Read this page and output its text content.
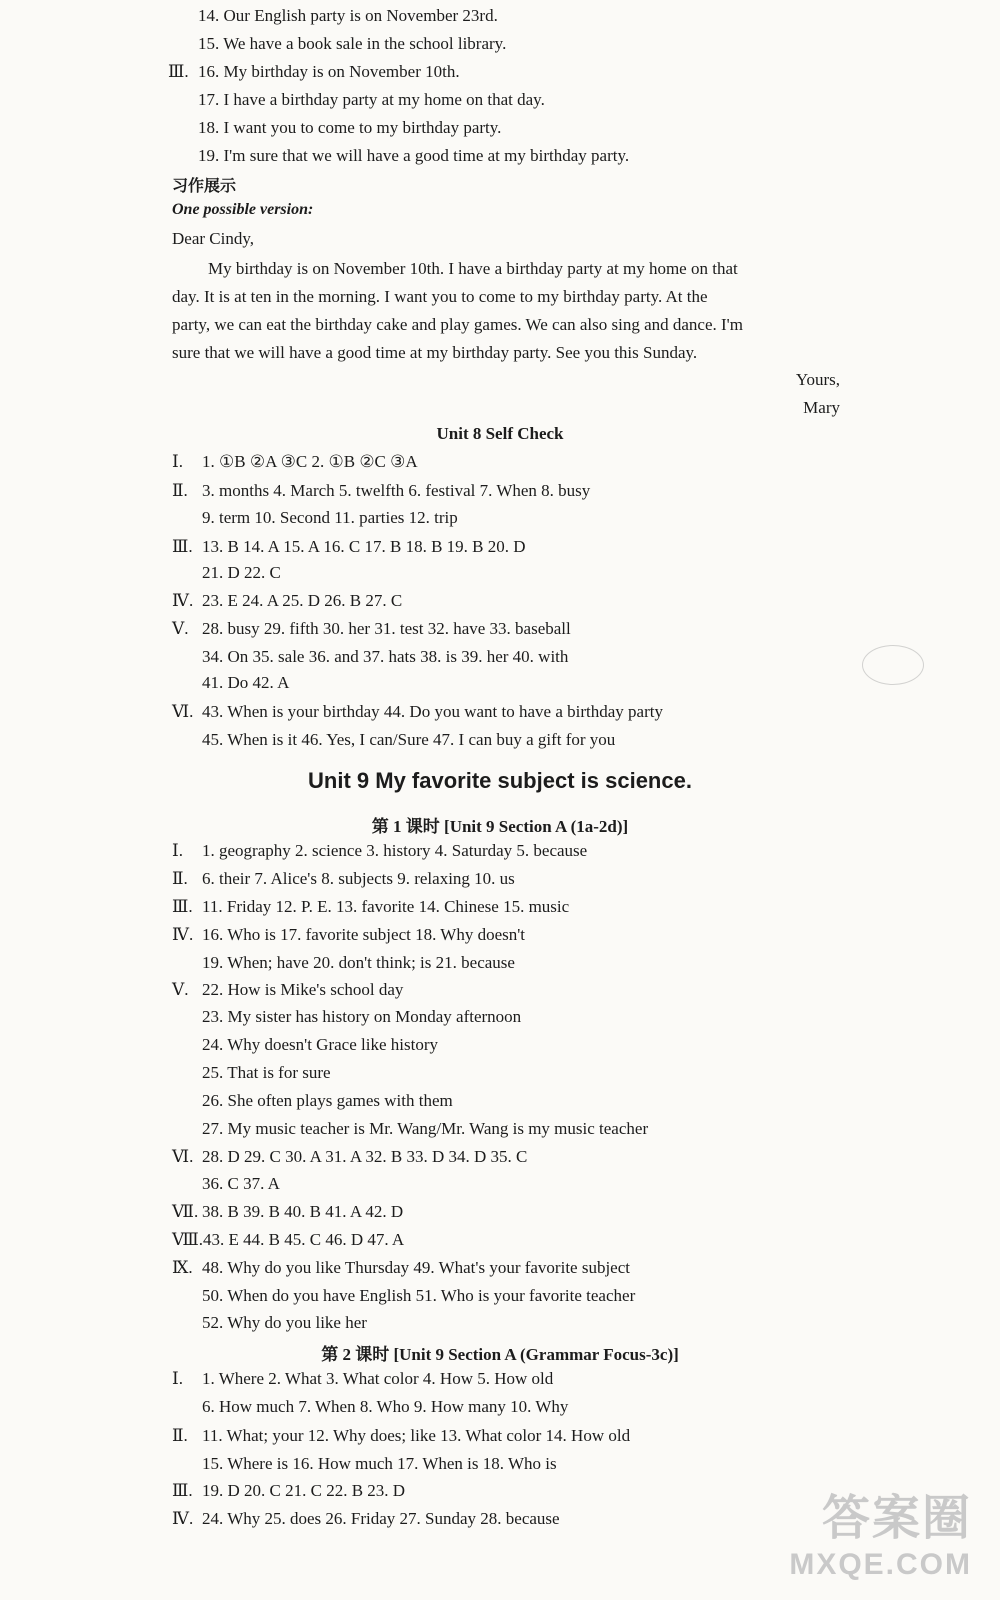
14. Our English party is on November 23rd.
15. We have a book sale in the school library.
Ⅲ. 16. My birthday is on November 10th.
17. I have a birthday party at my home on that day.
18. I want you to come to my birthday party.
19. I'm sure that we will have a good time at my birthday party.
习作展示
One possible version:
Dear Cindy,
My birthday is on November 10th. I have a birthday party at my home on that
day. It is at ten in the morning. I want you to come to my birthday party. At the
party, we can eat the birthday cake and play games. We can also sing and dance. I'm
sure that we will have a good time at my birthday party. See you this Sunday.
Yours,
Mary
Unit 8 Self Check
Ⅰ. 1. ①B ②A ③C 2. ①B ②C ③A
Ⅱ. 3. months 4. March 5. twelfth 6. festival 7. When 8. busy
9. term 10. Second 11. parties 12. trip
Ⅲ. 13. B 14. A 15. A 16. C 17. B 18. B 19. B 20. D
21. D 22. C
Ⅳ. 23. E 24. A 25. D 26. B 27. C
Ⅴ. 28. busy 29. fifth 30. her 31. test 32. have 33. baseball
34. On 35. sale 36. and 37. hats 38. is 39. her 40. with
41. Do 42. A
Ⅵ. 43. When is your birthday 44. Do you want to have a birthday party
45. When is it 46. Yes, I can/Sure 47. I can buy a gift for you
Unit 9 My favorite subject is science.
第 1 课时 [Unit 9 Section A (1a-2d)]
Ⅰ. 1. geography 2. science 3. history 4. Saturday 5. because
Ⅱ. 6. their 7. Alice's 8. subjects 9. relaxing 10. us
Ⅲ. 11. Friday 12. P. E. 13. favorite 14. Chinese 15. music
Ⅳ. 16. Who is 17. favorite subject 18. Why doesn't
19. When; have 20. don't think; is 21. because
Ⅴ. 22. How is Mike's school day
23. My sister has history on Monday afternoon
24. Why doesn't Grace like history
25. That is for sure
26. She often plays games with them
27. My music teacher is Mr. Wang/Mr. Wang is my music teacher
Ⅵ. 28. D 29. C 30. A 31. A 32. B 33. D 34. D 35. C
36. C 37. A
Ⅶ. 38. B 39. B 40. B 41. A 42. D
Ⅷ.43. E 44. B 45. C 46. D 47. A
Ⅸ. 48. Why do you like Thursday 49. What's your favorite subject
50. When do you have English 51. Who is your favorite teacher
52. Why do you like her
第 2 课时 [Unit 9 Section A (Grammar Focus-3c)]
Ⅰ. 1. Where 2. What 3. What color 4. How 5. How old
6. How much 7. When 8. Who 9. How many 10. Why
Ⅱ. 11. What; your 12. Why does; like 13. What color 14. How old
15. Where is 16. How much 17. When is 18. Who is
Ⅲ. 19. D 20. C 21. C 22. B 23. D
Ⅳ. 24. Why 25. does 26. Friday 27. Sunday 28. because	答案圈
MXQE.COM
